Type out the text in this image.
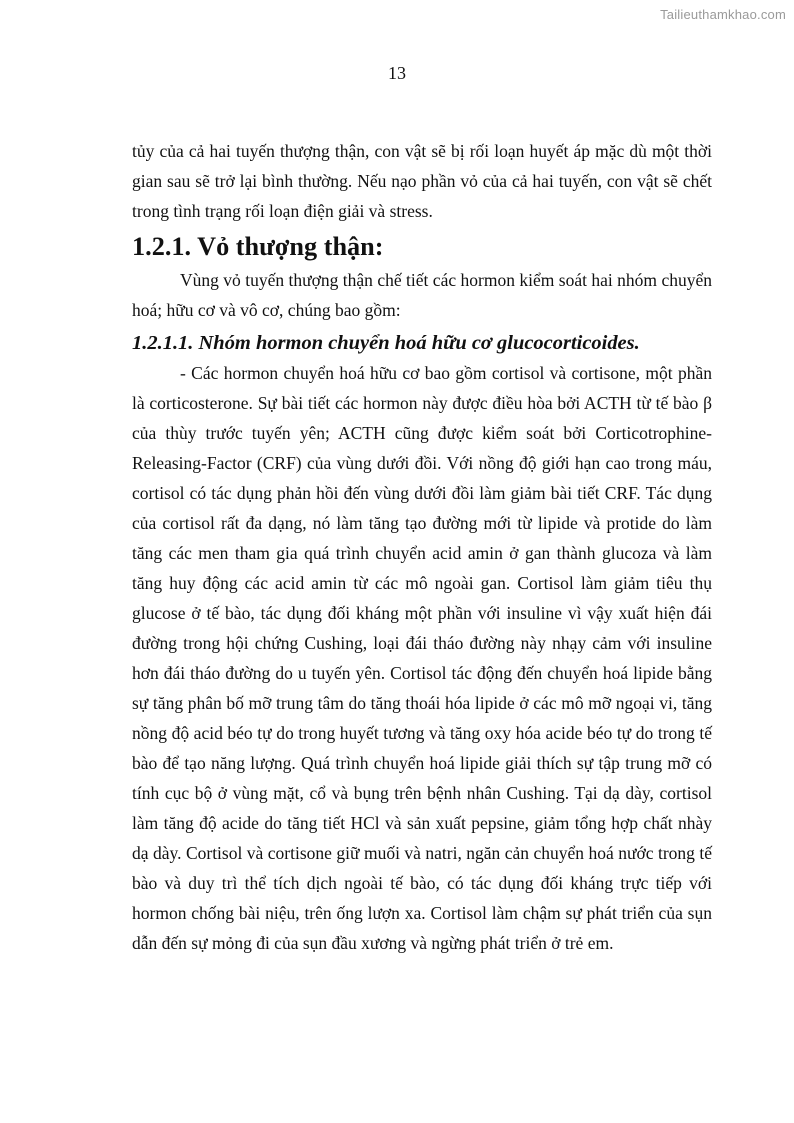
Tailieuthamkhao.com
13

tủy của cả hai tuyến thượng thận, con vật sẽ bị rối loạn huyết áp mặc dù một thời gian sau sẽ trở lại bình thường. Nếu nạo phần vỏ của cả hai tuyến, con vật sẽ chết trong tình trạng rối loạn điện giải và stress.

1.2.1. Vỏ thượng thận:

Vùng vỏ tuyến thượng thận chế tiết các hormon kiểm soát hai nhóm chuyển hoá; hữu cơ và vô cơ, chúng bao gồm:

1.2.1.1. Nhóm hormon chuyển hoá hữu cơ glucocorticoides.

- Các hormon chuyển hoá hữu cơ bao gồm cortisol và cortisone, một phần là corticosterone. Sự bài tiết các hormon này được điều hòa bởi ACTH từ tế bào β của thùy trước tuyến yên; ACTH cũng được kiểm soát bởi Corticotrophine-Releasing-Factor (CRF) của vùng dưới đồi. Với nồng độ giới hạn cao trong máu, cortisol có tác dụng phản hồi đến vùng dưới đồi làm giảm bài tiết CRF. Tác dụng của cortisol rất đa dạng, nó làm tăng tạo đường mới từ lipide và protide do làm tăng các men tham gia quá trình chuyển acid amin ở gan thành glucoza và làm tăng huy động các acid amin từ các mô ngoài gan. Cortisol làm giảm tiêu thụ glucose ở tế bào, tác dụng đối kháng một phần với insuline vì vậy xuất hiện đái đường trong hội chứng Cushing, loại đái tháo đường này nhạy cảm với insuline hơn đái tháo đường do u tuyến yên. Cortisol tác động đến chuyển hoá lipide bằng sự tăng phân bố mỡ trung tâm do tăng thoái hóa lipide ở các mô mỡ ngoại vi, tăng nồng độ acid béo tự do trong huyết tương và tăng oxy hóa acide béo tự do trong tế bào để tạo năng lượng. Quá trình chuyển hoá lipide giải thích sự tập trung mỡ có tính cục bộ ở vùng mặt, cổ và bụng trên bệnh nhân Cushing. Tại dạ dày, cortisol làm tăng độ acide do tăng tiết HCl và sản xuất pepsine, giảm tổng hợp chất nhày dạ dày. Cortisol và cortisone giữ muối và natri, ngăn cản chuyển hoá nước trong tế bào và duy trì thể tích dịch ngoài tế bào, có tác dụng đối kháng trực tiếp với hormon chống bài niệu, trên ống lượn xa. Cortisol làm chậm sự phát triển của sụn dẫn đến sự mỏng đi của sụn đầu xương và ngừng phát triển ở trẻ em.
